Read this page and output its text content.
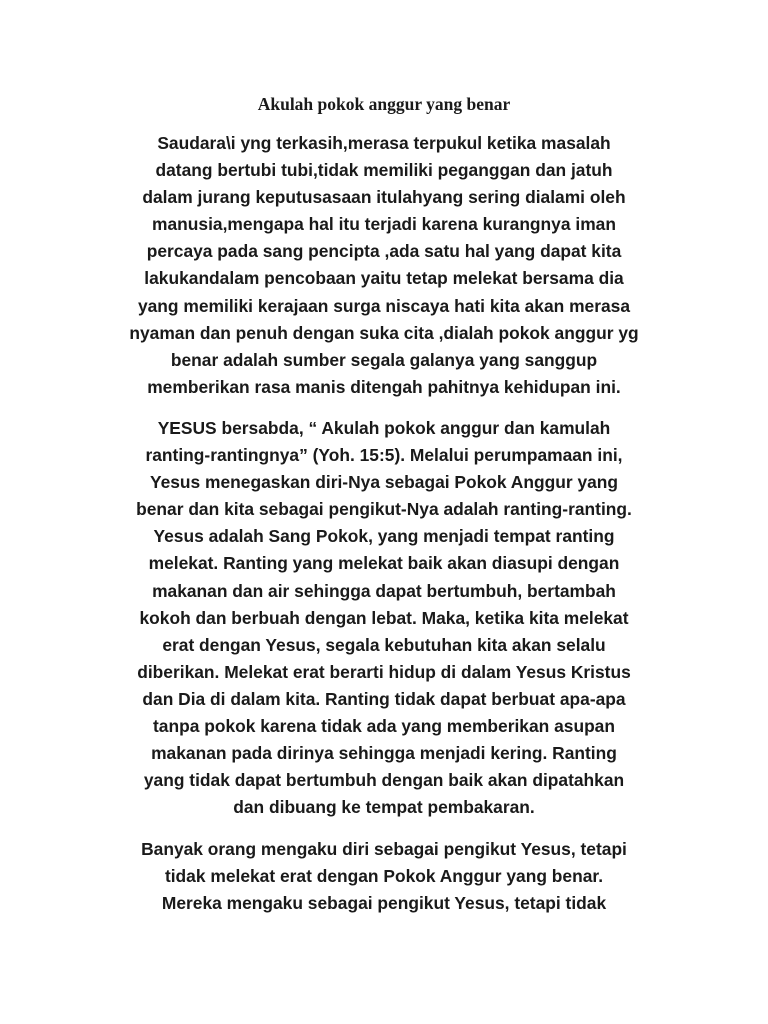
Akulah pokok anggur yang benar

Saudara\i yng terkasih,merasa terpukul ketika masalah
datang bertubi tubi,tidak memiliki peganggan dan jatuh
dalam jurang keputusasaan itulahyang sering dialami oleh
manusia,mengapa hal itu terjadi karena kurangnya iman
percaya pada sang pencipta ,ada satu hal yang dapat kita
lakukandalam pencobaan yaitu tetap melekat bersama dia
yang memiliki kerajaan surga niscaya hati kita akan merasa
nyaman dan penuh dengan suka cita ,dialah pokok anggur yg
benar adalah sumber segala galanya yang sanggup
memberikan rasa manis ditengah pahitnya kehidupan ini.

YESUS bersabda, “ Akulah pokok anggur dan kamulah
ranting-rantingnya” (Yoh. 15:5). Melalui perumpamaan ini,
Yesus menegaskan diri-Nya sebagai Pokok Anggur yang
benar dan kita sebagai pengikut-Nya adalah ranting-ranting.
Yesus adalah Sang Pokok, yang menjadi tempat ranting
melekat. Ranting yang melekat baik akan diasupi dengan
makanan dan air sehingga dapat bertumbuh, bertambah
kokoh dan berbuah dengan lebat. Maka, ketika kita melekat
erat dengan Yesus, segala kebutuhan kita akan selalu
diberikan. Melekat erat berarti hidup di dalam Yesus Kristus
dan Dia di dalam kita. Ranting tidak dapat berbuat apa-apa
tanpa pokok karena tidak ada yang memberikan asupan
makanan pada dirinya sehingga menjadi kering. Ranting
yang tidak dapat bertumbuh dengan baik akan dipatahkan
dan dibuang ke tempat pembakaran.

Banyak orang mengaku diri sebagai pengikut Yesus, tetapi
tidak melekat erat dengan Pokok Anggur yang benar.
Mereka mengaku sebagai pengikut Yesus, tetapi tidak
